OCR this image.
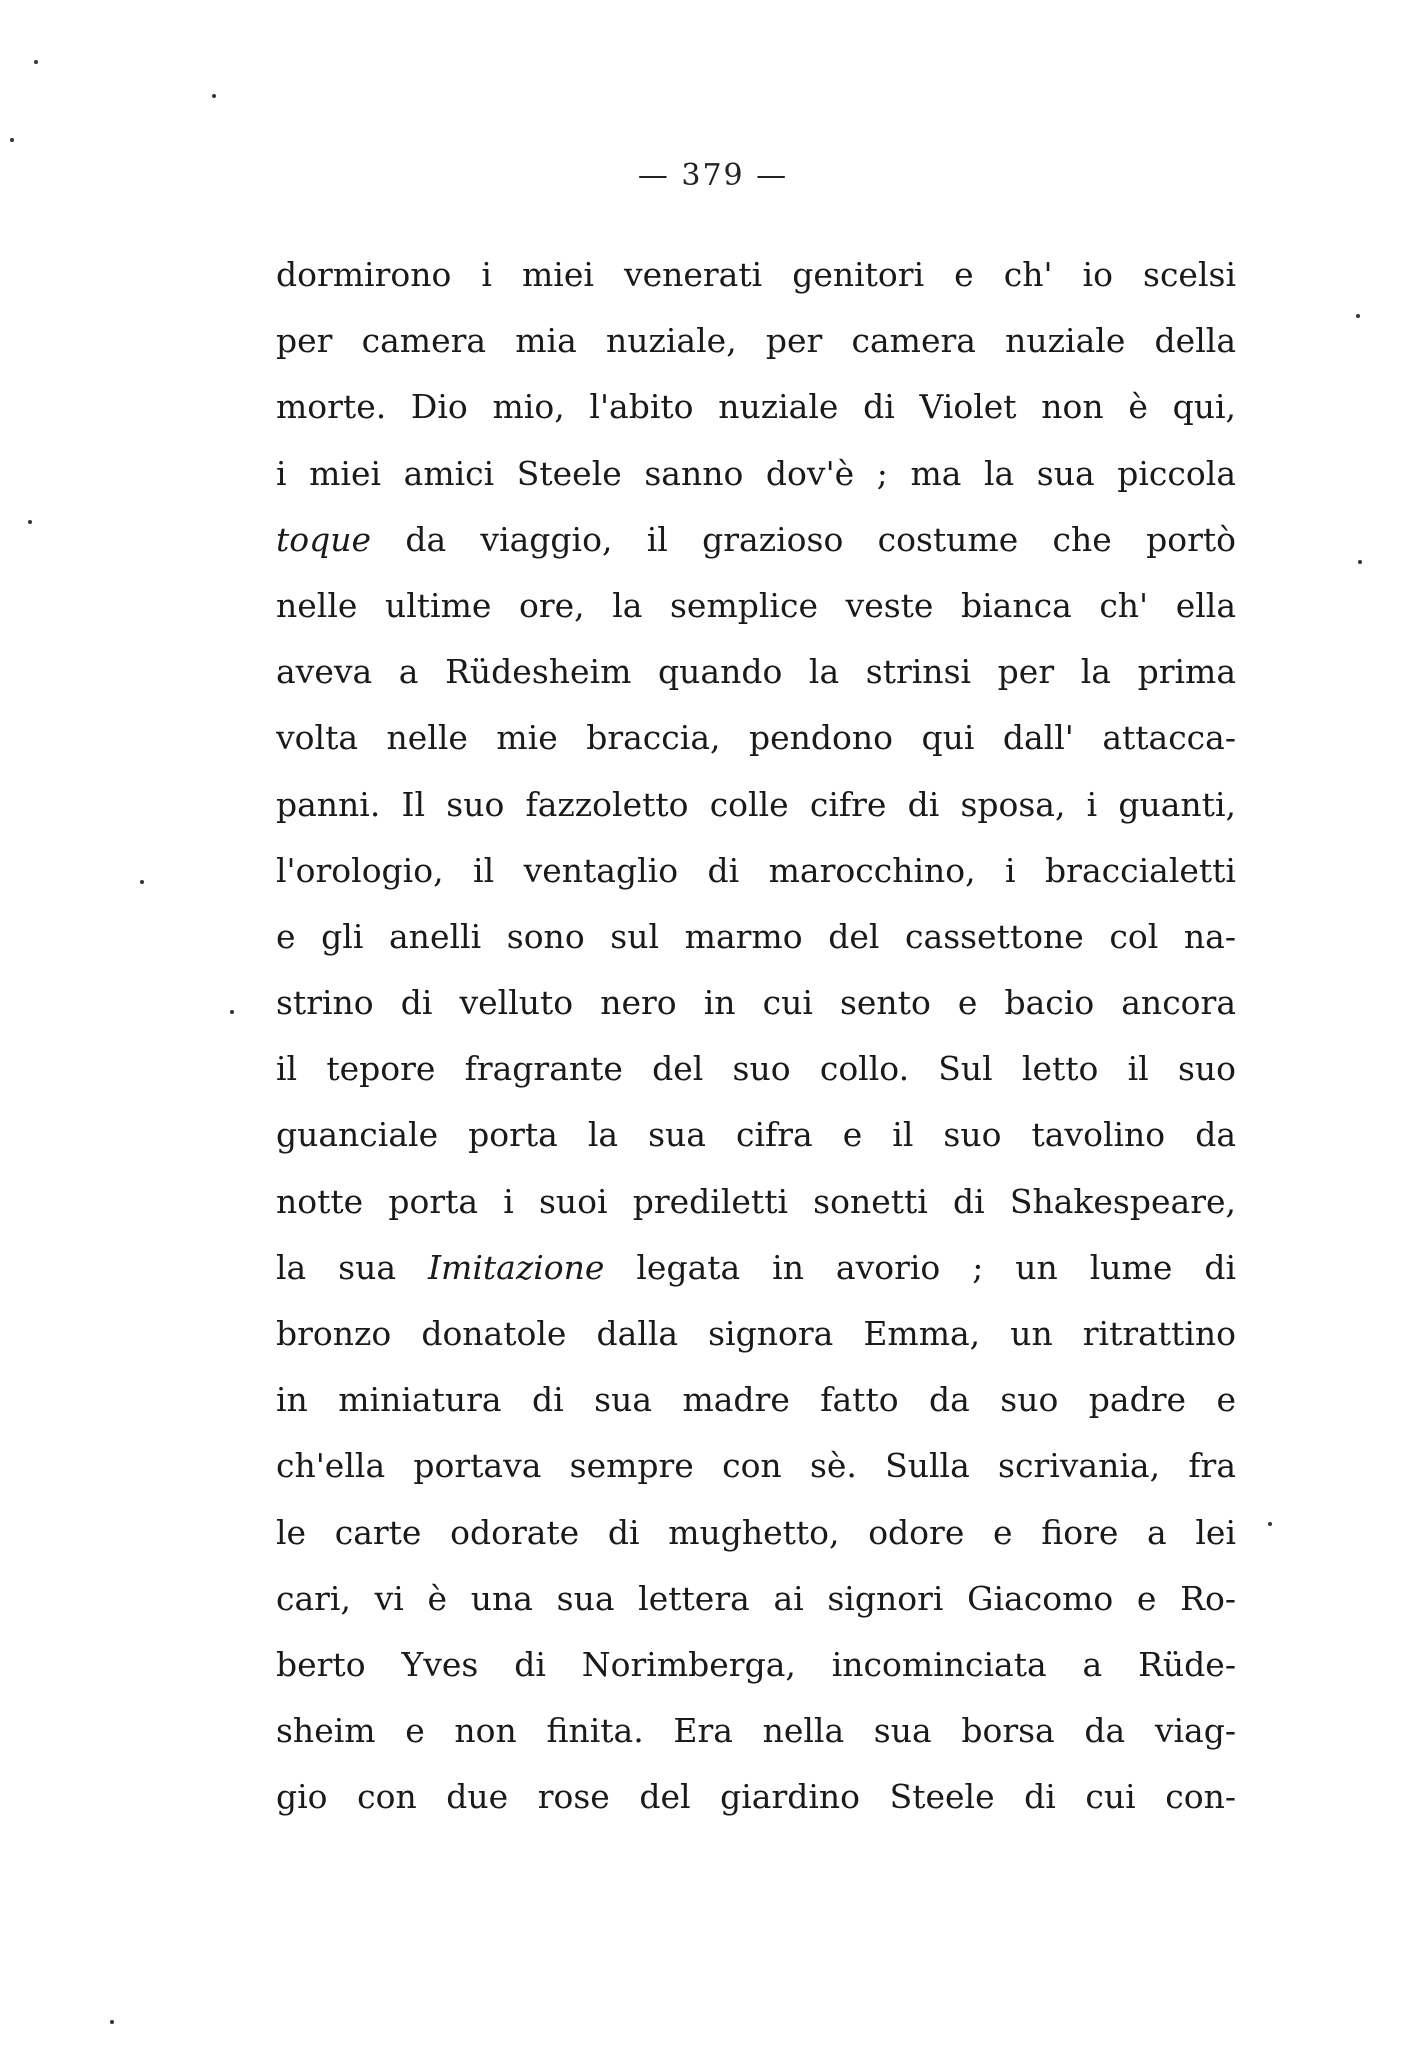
— 379 —
dormirono i miei venerati genitori e ch' io scelsi
per camera mia nuziale, per camera nuziale della
morte. Dio mio, l'abito nuziale di Violet non è qui,
i miei amici Steele sanno dov'è ; ma la sua piccola
toque da viaggio, il grazioso costume che portò
nelle ultime ore, la semplice veste bianca ch' ella
aveva a Rüdesheim quando la strinsi per la prima
volta nelle mie braccia, pendono qui dall' attacca-
panni. Il suo fazzoletto colle cifre di sposa, i guanti,
l'orologio, il ventaglio di marocchino, i braccialetti
e gli anelli sono sul marmo del cassettone col na-
strino di velluto nero in cui sento e bacio ancora
il tepore fragrante del suo collo. Sul letto il suo
guanciale porta la sua cifra e il suo tavolino da
notte porta i suoi prediletti sonetti di Shakespeare,
la sua Imitazione legata in avorio ; un lume di
bronzo donatole dalla signora Emma, un ritrattino
in miniatura di sua madre fatto da suo padre e
ch'ella portava sempre con sè. Sulla scrivania, fra
le carte odorate di mughetto, odore e fiore a lei
cari, vi è una sua lettera ai signori Giacomo e Ro-
berto Yves di Norimberga, incominciata a Rüde-
sheim e non finita. Era nella sua borsa da viag-
gio con due rose del giardino Steele di cui con-
